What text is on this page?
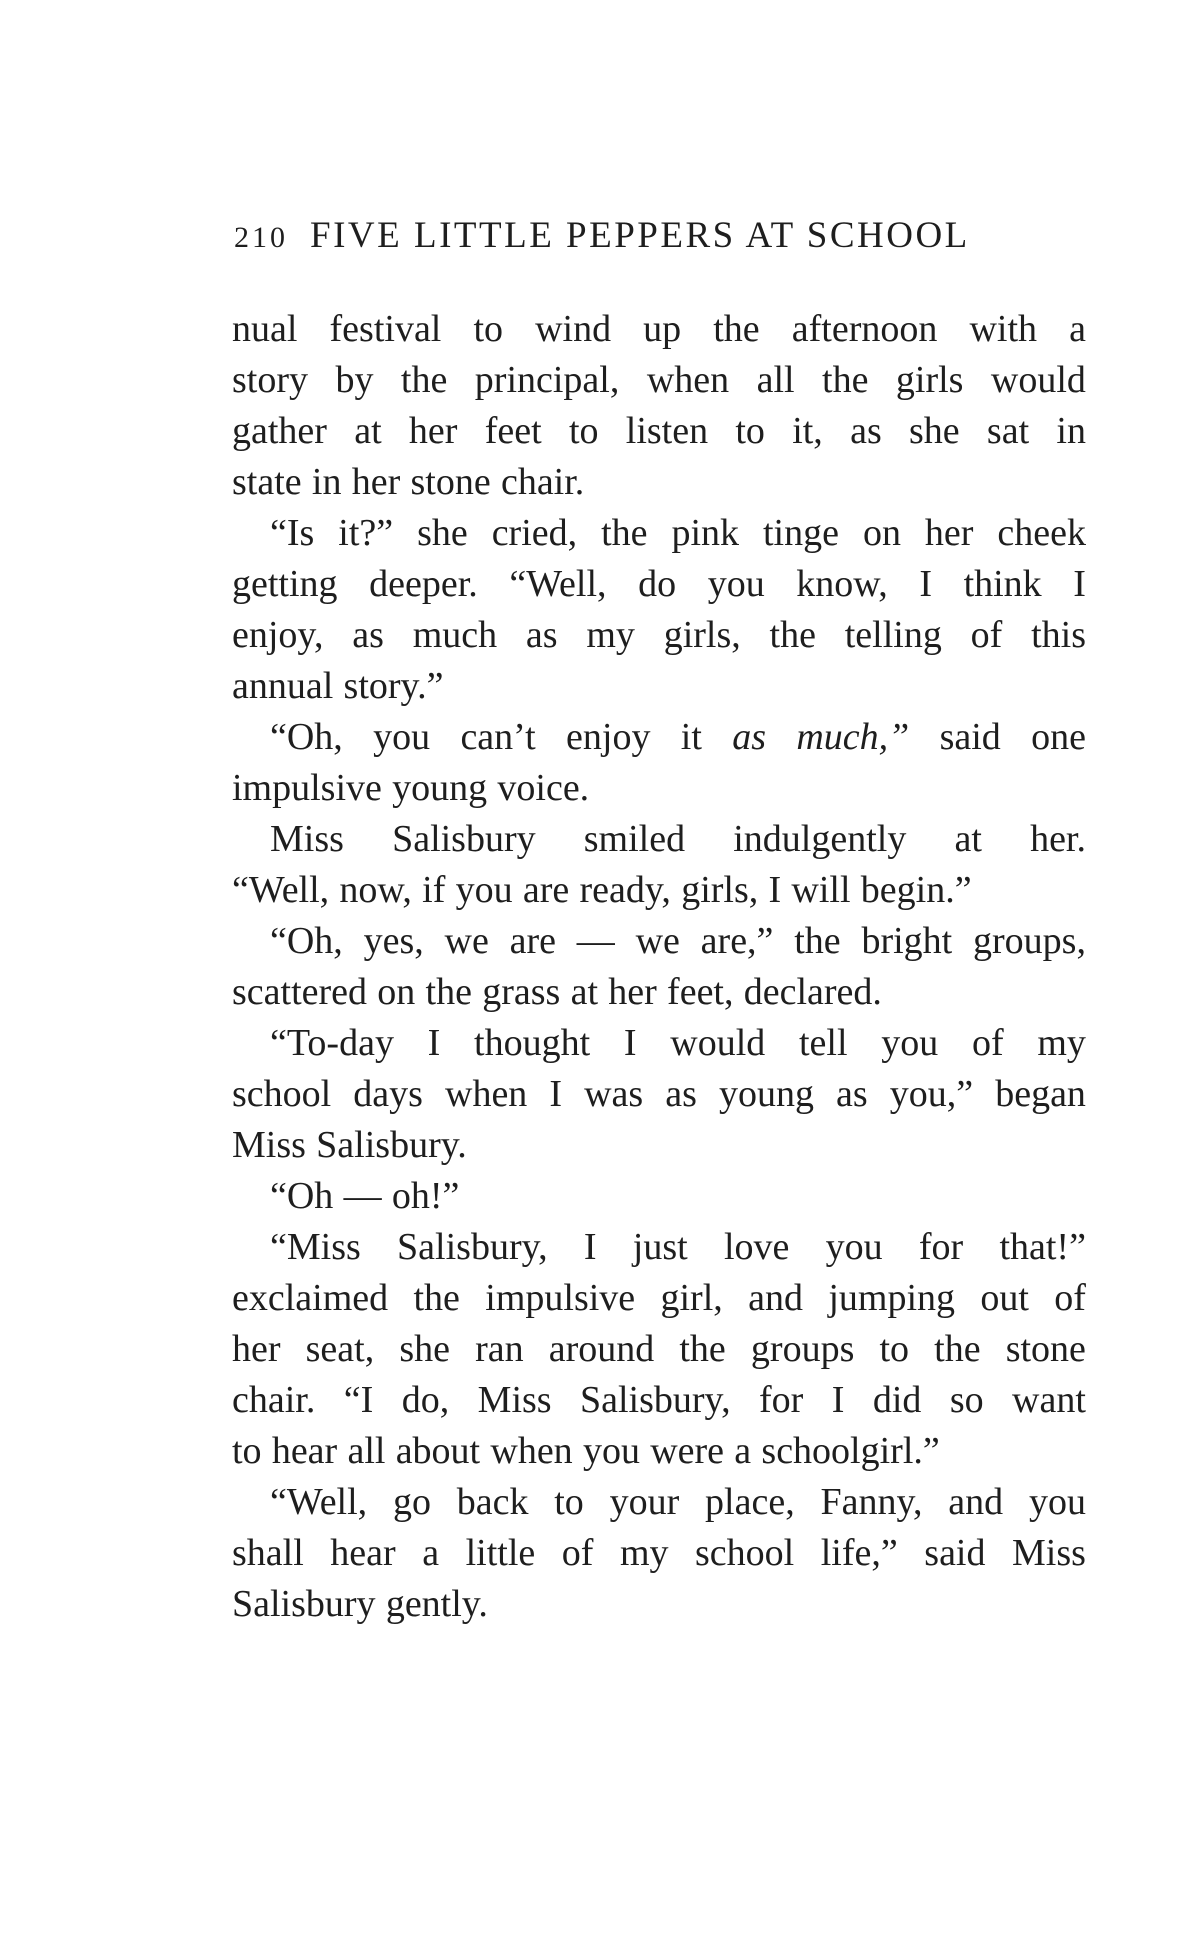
210 FIVE LITTLE PEPPERS AT SCHOOL
nual festival to wind up the afternoon with a
story by the principal, when all the girls would
gather at her feet to listen to it, as she sat in
state in her stone chair.
“Is it?” she cried, the pink tinge on her cheek
getting deeper. “Well, do you know, I think I
enjoy, as much as my girls, the telling of this
annual story.”
“Oh, you can’t enjoy it as much,” said one
impulsive young voice.
Miss Salisbury smiled indulgently at her.
“Well, now, if you are ready, girls, I will begin.”
“Oh, yes, we are — we are,” the bright groups,
scattered on the grass at her feet, declared.
“To-day I thought I would tell you of my
school days when I was as young as you,” began
Miss Salisbury.
“Oh — oh!”
“Miss Salisbury, I just love you for that!”
exclaimed the impulsive girl, and jumping out of
her seat, she ran around the groups to the stone
chair. “I do, Miss Salisbury, for I did so want
to hear all about when you were a schoolgirl.”
“Well, go back to your place, Fanny, and you
shall hear a little of my school life,” said Miss
Salisbury gently.
